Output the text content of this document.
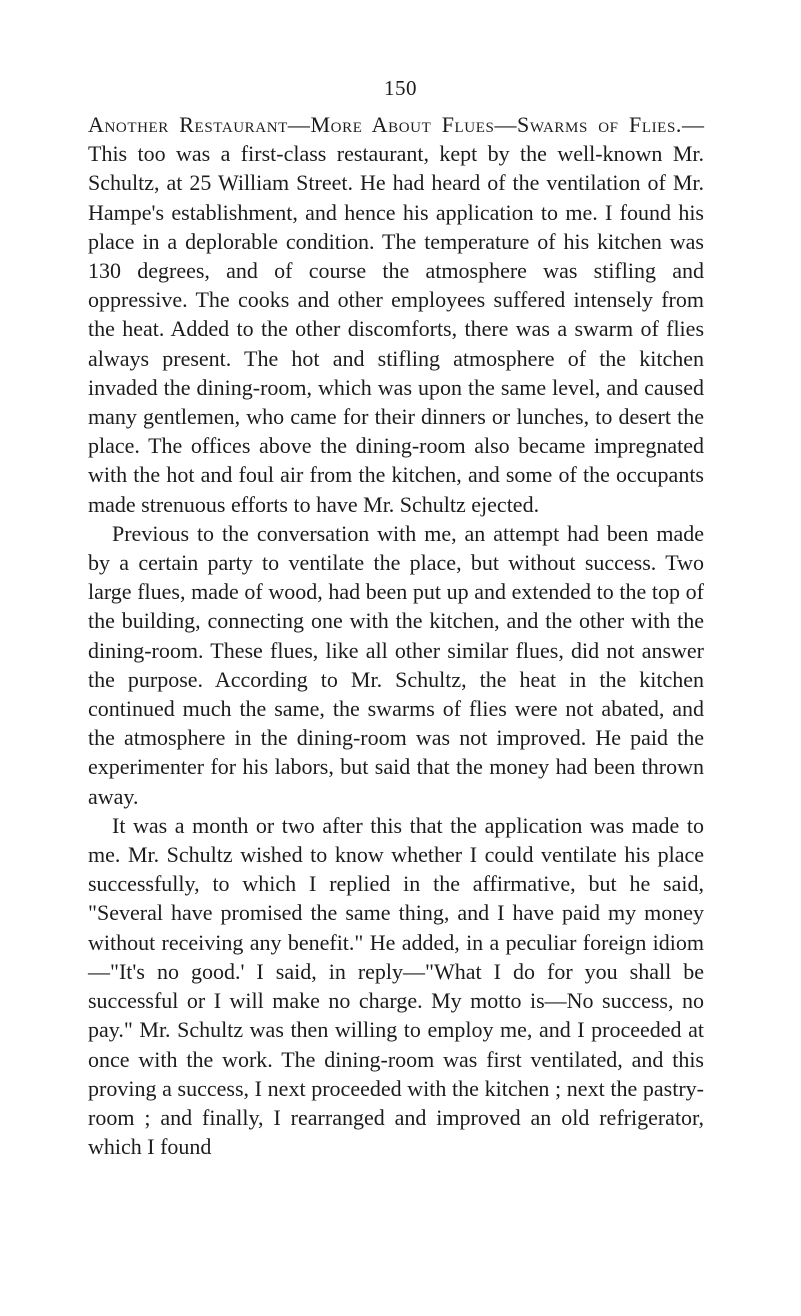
150

Another Restaurant—More About Flues—Swarms of Flies.—This too was a first-class restaurant, kept by the well-known Mr. Schultz, at 25 William Street. He had heard of the ventilation of Mr. Hampe's establishment, and hence his application to me. I found his place in a deplorable condition. The temperature of his kitchen was 130 degrees, and of course the atmosphere was stifling and oppressive. The cooks and other employees suffered intensely from the heat. Added to the other discomforts, there was a swarm of flies always present. The hot and stifling atmosphere of the kitchen invaded the dining-room, which was upon the same level, and caused many gentlemen, who came for their dinners or lunches, to desert the place. The offices above the dining-room also became impregnated with the hot and foul air from the kitchen, and some of the occupants made strenuous efforts to have Mr. Schultz ejected.

Previous to the conversation with me, an attempt had been made by a certain party to ventilate the place, but without success. Two large flues, made of wood, had been put up and extended to the top of the building, connecting one with the kitchen, and the other with the dining-room. These flues, like all other similar flues, did not answer the purpose. According to Mr. Schultz, the heat in the kitchen continued much the same, the swarms of flies were not abated, and the atmosphere in the dining-room was not improved. He paid the experimenter for his labors, but said that the money had been thrown away.

It was a month or two after this that the application was made to me. Mr. Schultz wished to know whether I could ventilate his place successfully, to which I replied in the affirmative, but he said, "Several have promised the same thing, and I have paid my money without receiving any benefit." He added, in a peculiar foreign idiom—"It's no good.' I said, in reply—"What I do for you shall be successful or I will make no charge. My motto is—No success, no pay." Mr. Schultz was then willing to employ me, and I proceeded at once with the work. The dining-room was first ventilated, and this proving a success, I next proceeded with the kitchen ; next the pastry-room ; and finally, I rearranged and improved an old refrigerator, which I found
